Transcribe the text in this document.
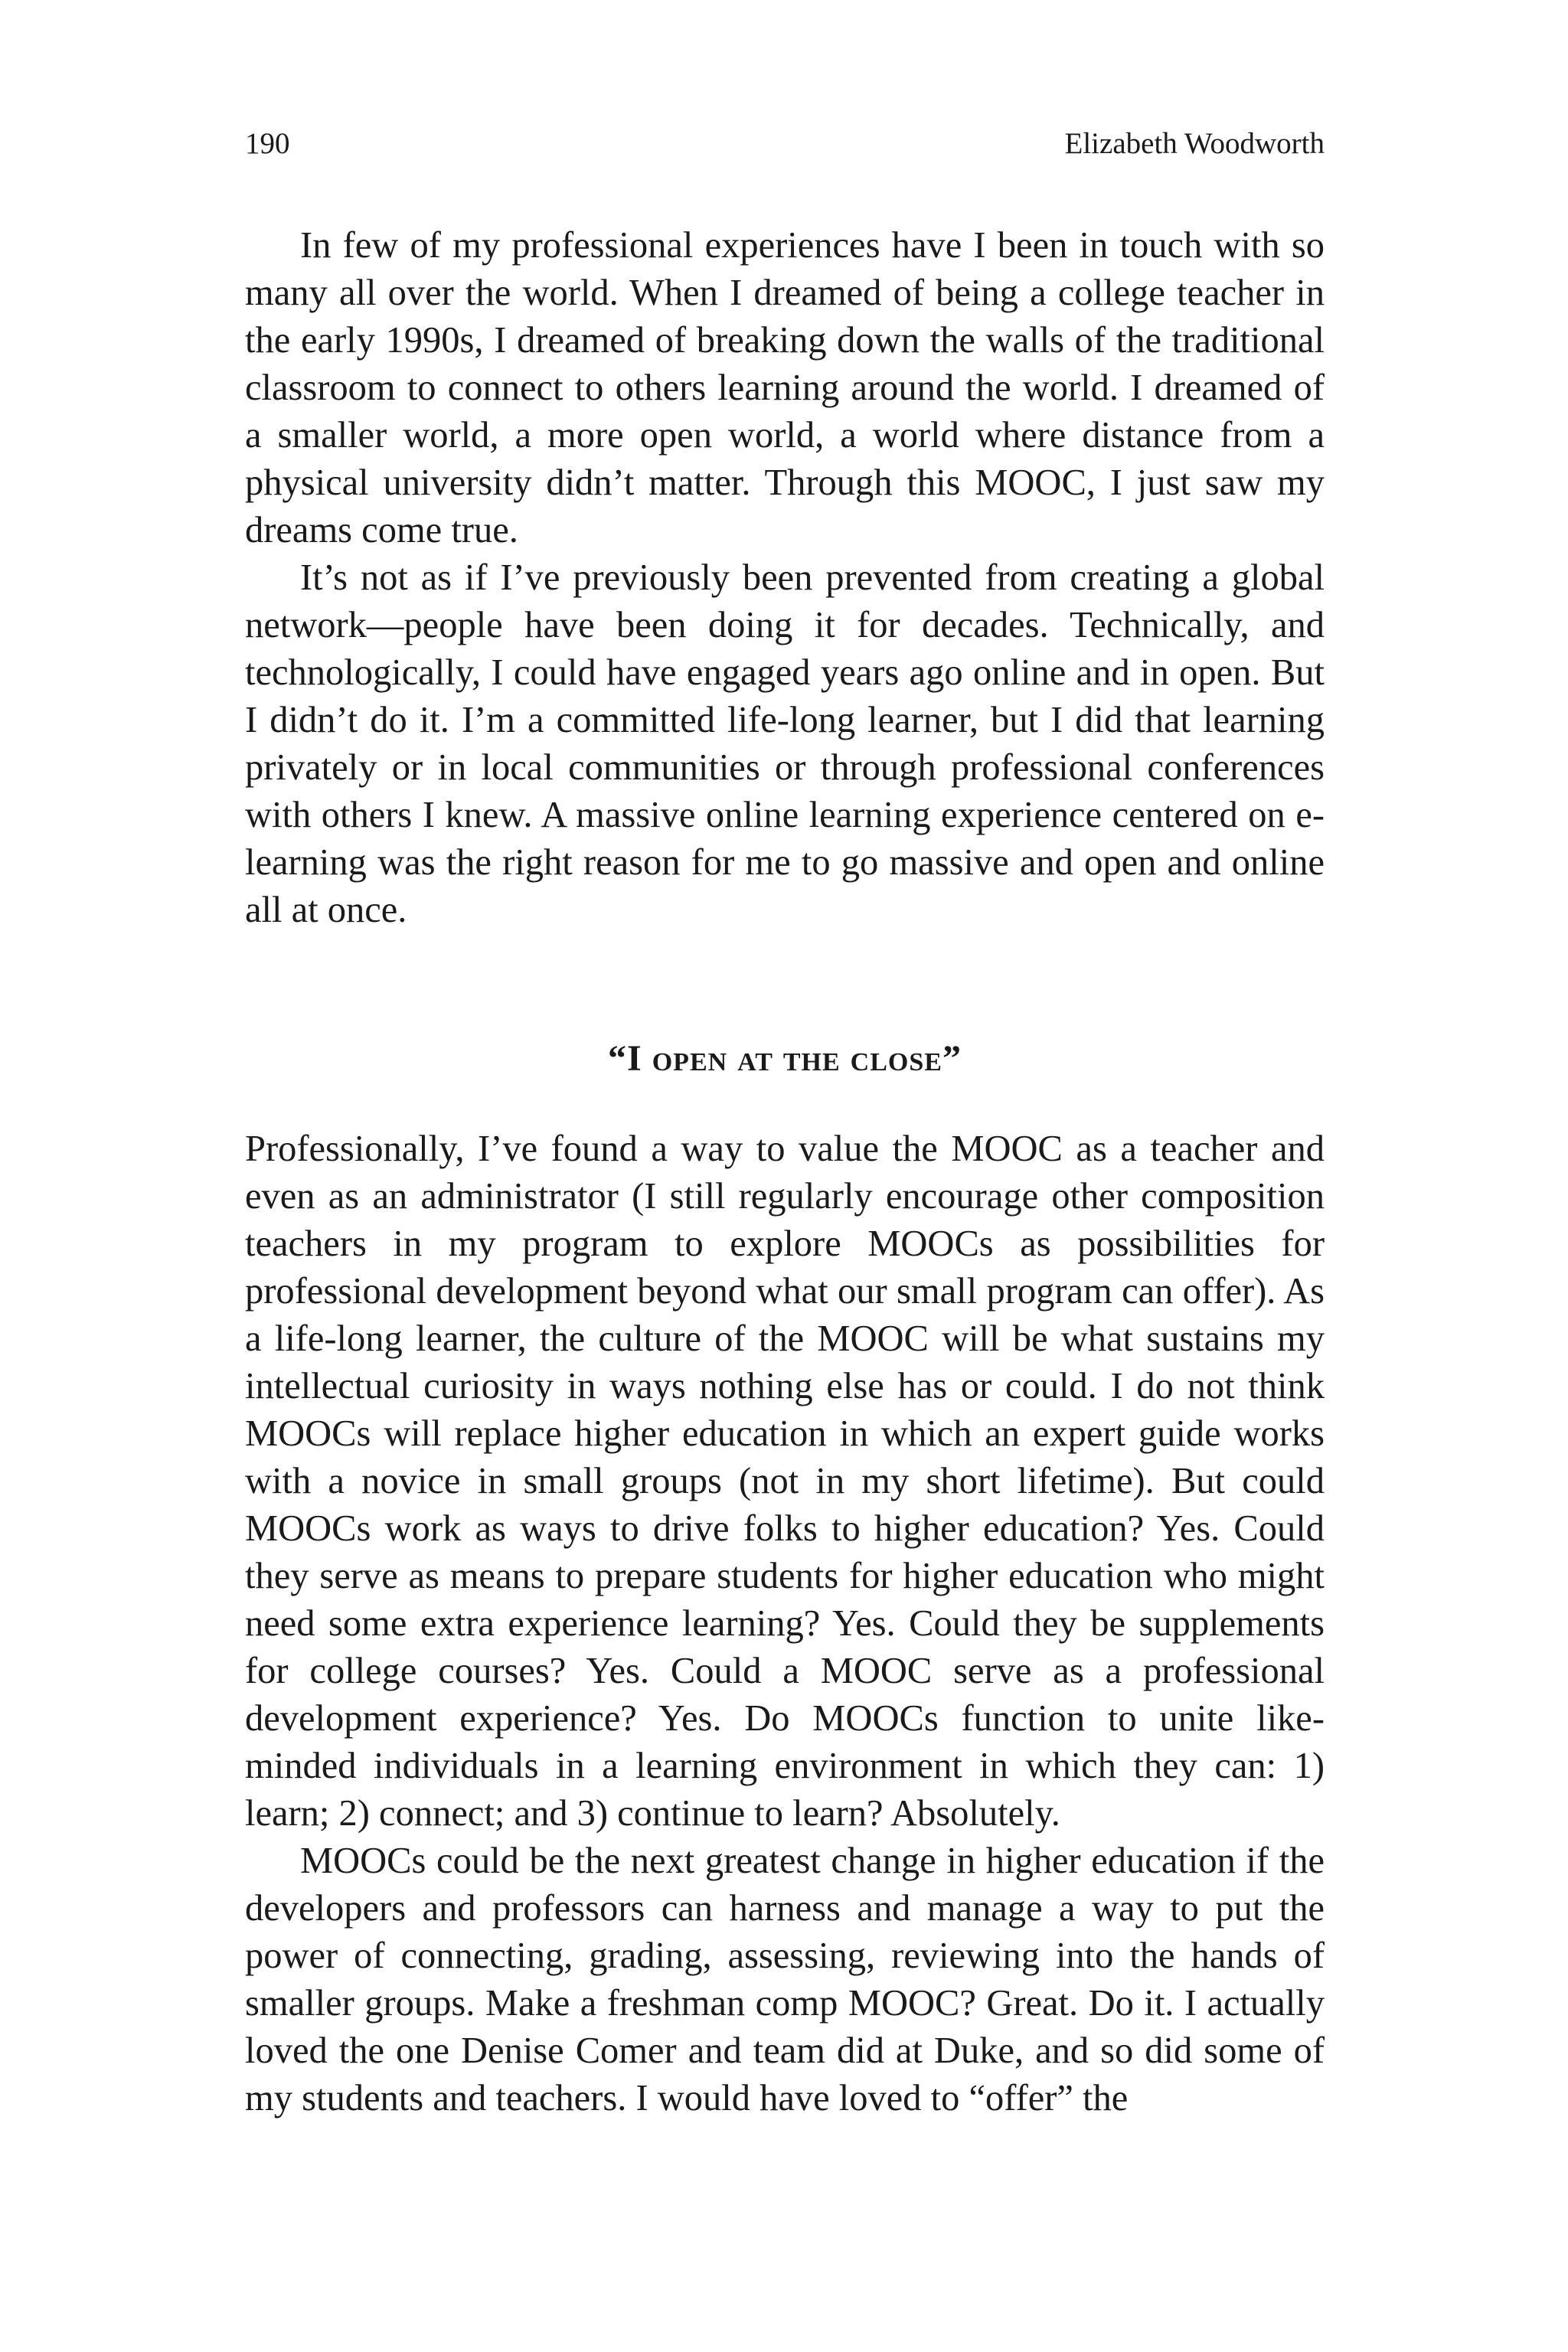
190	Elizabeth Woodworth

In few of my professional experiences have I been in touch with so many all over the world. When I dreamed of being a college teacher in the early 1990s, I dreamed of breaking down the walls of the traditional classroom to connect to others learning around the world. I dreamed of a smaller world, a more open world, a world where distance from a physical university didn’t matter. Through this MOOC, I just saw my dreams come true.

It’s not as if I’ve previously been prevented from creating a global network—people have been doing it for decades. Technically, and technologically, I could have engaged years ago online and in open. But I didn’t do it. I’m a committed life-long learner, but I did that learning privately or in local communities or through professional conferences with others I knew. A massive online learning experience centered on e-learning was the right reason for me to go massive and open and online all at once.

“I open at the close”

Professionally, I’ve found a way to value the MOOC as a teacher and even as an administrator (I still regularly encourage other composition teachers in my program to explore MOOCs as possibilities for professional development beyond what our small program can offer). As a life-long learner, the culture of the MOOC will be what sustains my intellectual curiosity in ways nothing else has or could. I do not think MOOCs will replace higher education in which an expert guide works with a novice in small groups (not in my short lifetime). But could MOOCs work as ways to drive folks to higher education? Yes. Could they serve as means to prepare students for higher education who might need some extra experience learning? Yes. Could they be supplements for college courses? Yes. Could a MOOC serve as a professional development experience? Yes. Do MOOCs function to unite like-minded individuals in a learning environment in which they can: 1) learn; 2) connect; and 3) continue to learn? Absolutely.

MOOCs could be the next greatest change in higher education if the developers and professors can harness and manage a way to put the power of connecting, grading, assessing, reviewing into the hands of smaller groups. Make a freshman comp MOOC? Great. Do it. I actually loved the one Denise Comer and team did at Duke, and so did some of my students and teachers. I would have loved to “offer” the
